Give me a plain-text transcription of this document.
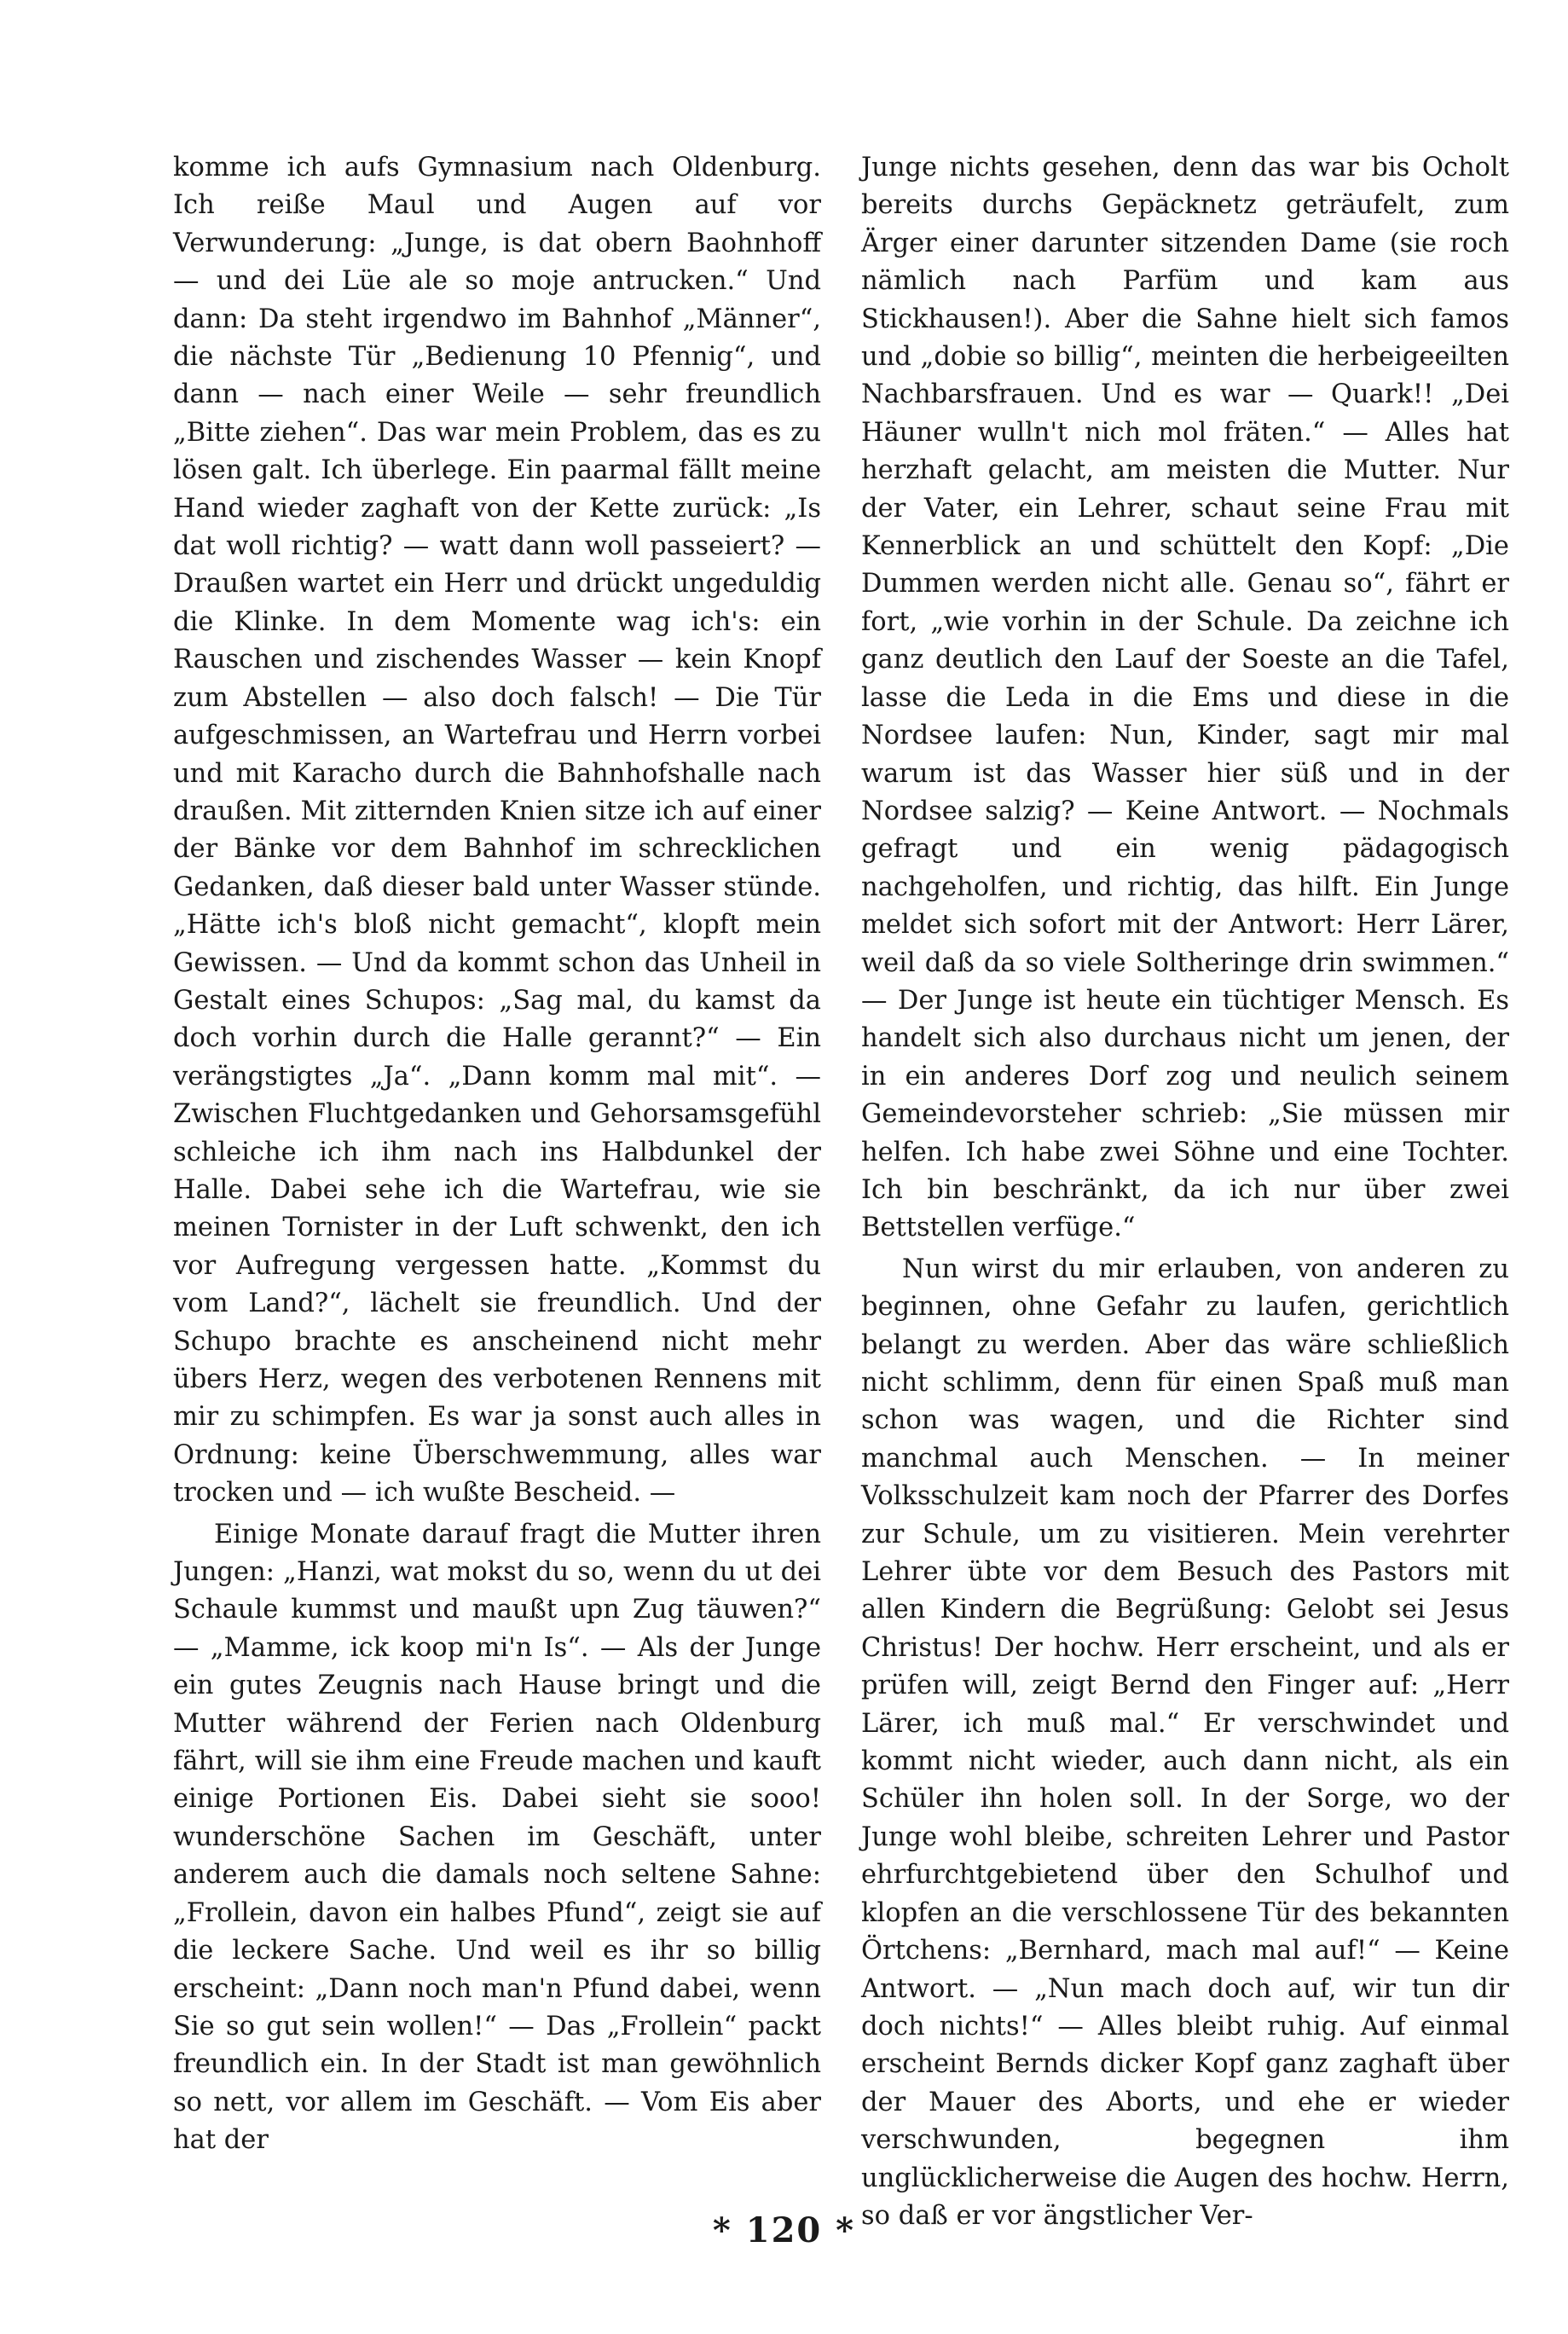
komme ich aufs Gymnasium nach Oldenburg. Ich reiße Maul und Augen auf vor Verwunderung: „Junge, is dat obern Baohnhoff — und dei Lüe ale so moje antrucken.“ Und dann: Da steht irgendwo im Bahnhof „Männer“, die nächste Tür „Bedienung 10 Pfennig“, und dann — nach einer Weile — sehr freundlich „Bitte ziehen“. Das war mein Problem, das es zu lösen galt. Ich überlege. Ein paarmal fällt meine Hand wieder zaghaft von der Kette zurück: „Is dat woll richtig? — watt dann woll passeiert? — Draußen wartet ein Herr und drückt ungeduldig die Klinke. In dem Momente wag ich's: ein Rauschen und zischendes Wasser — kein Knopf zum Abstellen — also doch falsch! — Die Tür aufgeschmissen, an Wartefrau und Herrn vorbei und mit Karacho durch die Bahnhofshalle nach draußen. Mit zitternden Knien sitze ich auf einer der Bänke vor dem Bahnhof im schrecklichen Gedanken, daß dieser bald unter Wasser stünde. „Hätte ich's bloß nicht gemacht“, klopft mein Gewissen. — Und da kommt schon das Unheil in Gestalt eines Schupos: „Sag mal, du kamst da doch vorhin durch die Halle gerannt?“ — Ein verängstigtes „Ja“. „Dann komm mal mit“. — Zwischen Fluchtgedanken und Gehorsamsgefühl schleiche ich ihm nach ins Halbdunkel der Halle. Dabei sehe ich die Wartefrau, wie sie meinen Tornister in der Luft schwenkt, den ich vor Aufregung vergessen hatte. „Kommst du vom Land?“, lächelt sie freundlich. Und der Schupo brachte es anscheinend nicht mehr übers Herz, wegen des verbotenen Rennens mit mir zu schimpfen. Es war ja sonst auch alles in Ordnung: keine Überschwemmung, alles war trocken und — ich wußte Bescheid. —

Einige Monate darauf fragt die Mutter ihren Jungen: „Hanzi, wat mokst du so, wenn du ut dei Schaule kummst und maußt upn Zug täuwen?“ — „Mamme, ick koop mi'n Is“. — Als der Junge ein gutes Zeugnis nach Hause bringt und die Mutter während der Ferien nach Oldenburg fährt, will sie ihm eine Freude machen und kauft einige Portionen Eis. Dabei sieht sie sooo! wunderschöne Sachen im Geschäft, unter anderem auch die damals noch seltene Sahne: „Frollein, davon ein halbes Pfund“, zeigt sie auf die leckere Sache. Und weil es ihr so billig erscheint: „Dann noch man'n Pfund dabei, wenn Sie so gut sein wollen!“ — Das „Frollein“ packt freundlich ein. In der Stadt ist man gewöhnlich so nett, vor allem im Geschäft. — Vom Eis aber hat der

Junge nichts gesehen, denn das war bis Ocholt bereits durchs Gepäcknetz geträufelt, zum Ärger einer darunter sitzenden Dame (sie roch nämlich nach Parfüm und kam aus Stickhausen!). Aber die Sahne hielt sich famos und „dobie so billig“, meinten die herbeigeeilten Nachbarsfrauen. Und es war — Quark!! „Dei Häuner wulln't nich mol fräten.“ — Alles hat herzhaft gelacht, am meisten die Mutter. Nur der Vater, ein Lehrer, schaut seine Frau mit Kennerblick an und schüttelt den Kopf: „Die Dummen werden nicht alle. Genau so“, fährt er fort, „wie vorhin in der Schule. Da zeichne ich ganz deutlich den Lauf der Soeste an die Tafel, lasse die Leda in die Ems und diese in die Nordsee laufen: Nun, Kinder, sagt mir mal warum ist das Wasser hier süß und in der Nordsee salzig? — Keine Antwort. — Nochmals gefragt und ein wenig pädagogisch nachgeholfen, und richtig, das hilft. Ein Junge meldet sich sofort mit der Antwort: Herr Lärer, weil daß da so viele Soltheringe drin swimmen.“ — Der Junge ist heute ein tüchtiger Mensch. Es handelt sich also durchaus nicht um jenen, der in ein anderes Dorf zog und neulich seinem Gemeindevorsteher schrieb: „Sie müssen mir helfen. Ich habe zwei Söhne und eine Tochter. Ich bin beschränkt, da ich nur über zwei Bettstellen verfüge.“

Nun wirst du mir erlauben, von anderen zu beginnen, ohne Gefahr zu laufen, gerichtlich belangt zu werden. Aber das wäre schließlich nicht schlimm, denn für einen Spaß muß man schon was wagen, und die Richter sind manchmal auch Menschen. — In meiner Volksschulzeit kam noch der Pfarrer des Dorfes zur Schule, um zu visitieren. Mein verehrter Lehrer übte vor dem Besuch des Pastors mit allen Kindern die Begrüßung: Gelobt sei Jesus Christus! Der hochw. Herr erscheint, und als er prüfen will, zeigt Bernd den Finger auf: „Herr Lärer, ich muß mal.“ Er verschwindet und kommt nicht wieder, auch dann nicht, als ein Schüler ihn holen soll. In der Sorge, wo der Junge wohl bleibe, schreiten Lehrer und Pastor ehrfurchtgebietend über den Schulhof und klopfen an die verschlossene Tür des bekannten Örtchens: „Bernhard, mach mal auf!“ — Keine Antwort. — „Nun mach doch auf, wir tun dir doch nichts!“ — Alles bleibt ruhig. Auf einmal erscheint Bernds dicker Kopf ganz zaghaft über der Mauer des Aborts, und ehe er wieder verschwunden, begegnen ihm unglücklicherweise die Augen des hochw. Herrn, so daß er vor ängstlicher Ver-

* 120 *
